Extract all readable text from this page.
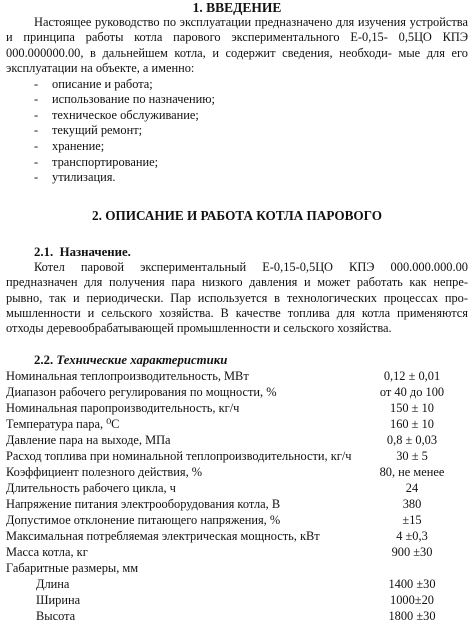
1. ВВЕДЕНИЕ

Настоящее руководство по эксплуатации предназначено для изучения устройства и принципа работы котла парового экспериментального Е-0,15- 0,5ЦО КПЭ 000.000000.00, в дальнейшем котла, и содержит сведения, необходи- мые для его эксплуатации на объекте, а именно:

- описание и работа;
- использование по назначению;
- техническое обслуживание;
- текущий ремонт;
- хранение;
- транспортирование;
- утилизация.
2. ОПИСАНИЕ И РАБОТА КОТЛА ПАРОВОГО
2.1. Назначение.

Котел паровой экспериментальный Е-0,15-0,5ЦО КПЭ 000.000.000.00 предназначен для получения пара низкого давления и может работать как непре- рывно, так и периодически. Пар используется в технологических процессах про- мышленности и сельского хозяйства. В качестве топлива для котла применяются отходы деревообрабатывающей промышленности и сельского хозяйства.

2.2. Технические характеристики
Номинальная теплопроизводительность, МВт	0,12 ± 0,01
Диапазон рабочего регулирования по мощности, %	от 40 до 100
Номинальная паропроизводительность, кг/ч	150 ± 10
Температура пара, ⁰С	160 ± 10
Давление пара на выходе, МПа	0,8 ± 0,03
Расход топлива при номинальной теплопроизводительности, кг/ч	30 ± 5
Коэффициент полезного действия, %	80, не менее
Длительность рабочего цикла, ч	24
Напряжение питания электрооборудования котла, В	380
Допустимое отклонение питающего напряжения, %	±15
Максимальная потребляемая электрическая мощность, кВт	4 ±0,3
Масса котла, кг	900 ±30
Габаритные размеры, мм	
Длина	1400 ±30
Ширина	1000±20
Высота	1800 ±30
